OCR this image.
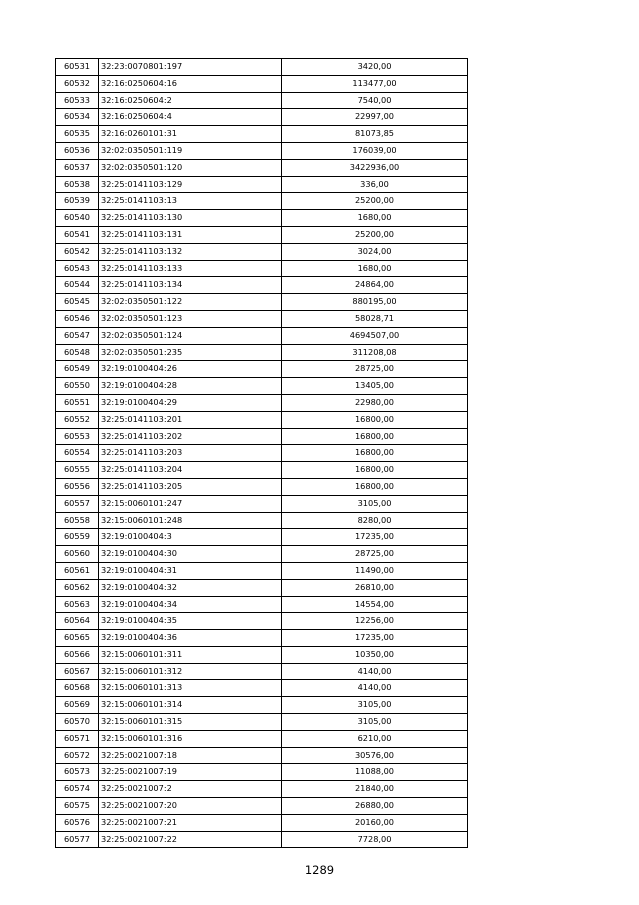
60531	32:23:0070801:197	3420,00
60532	32:16:0250604:16	113477,00
60533	32:16:0250604:2	7540,00
60534	32:16:0250604:4	22997,00
60535	32:16:0260101:31	81073,85
60536	32:02:0350501:119	176039,00
60537	32:02:0350501:120	3422936,00
60538	32:25:0141103:129	336,00
60539	32:25:0141103:13	25200,00
60540	32:25:0141103:130	1680,00
60541	32:25:0141103:131	25200,00
60542	32:25:0141103:132	3024,00
60543	32:25:0141103:133	1680,00
60544	32:25:0141103:134	24864,00
60545	32:02:0350501:122	880195,00
60546	32:02:0350501:123	58028,71
60547	32:02:0350501:124	4694507,00
60548	32:02:0350501:235	311208,08
60549	32:19:0100404:26	28725,00
60550	32:19:0100404:28	13405,00
60551	32:19:0100404:29	22980,00
60552	32:25:0141103:201	16800,00
60553	32:25:0141103:202	16800,00
60554	32:25:0141103:203	16800,00
60555	32:25:0141103:204	16800,00
60556	32:25:0141103:205	16800,00
60557	32:15:0060101:247	3105,00
60558	32:15:0060101:248	8280,00
60559	32:19:0100404:3	17235,00
60560	32:19:0100404:30	28725,00
60561	32:19:0100404:31	11490,00
60562	32:19:0100404:32	26810,00
60563	32:19:0100404:34	14554,00
60564	32:19:0100404:35	12256,00
60565	32:19:0100404:36	17235,00
60566	32:15:0060101:311	10350,00
60567	32:15:0060101:312	4140,00
60568	32:15:0060101:313	4140,00
60569	32:15:0060101:314	3105,00
60570	32:15:0060101:315	3105,00
60571	32:15:0060101:316	6210,00
60572	32:25:0021007:18	30576,00
60573	32:25:0021007:19	11088,00
60574	32:25:0021007:2	21840,00
60575	32:25:0021007:20	26880,00
60576	32:25:0021007:21	20160,00
60577	32:25:0021007:22	7728,00
1289
